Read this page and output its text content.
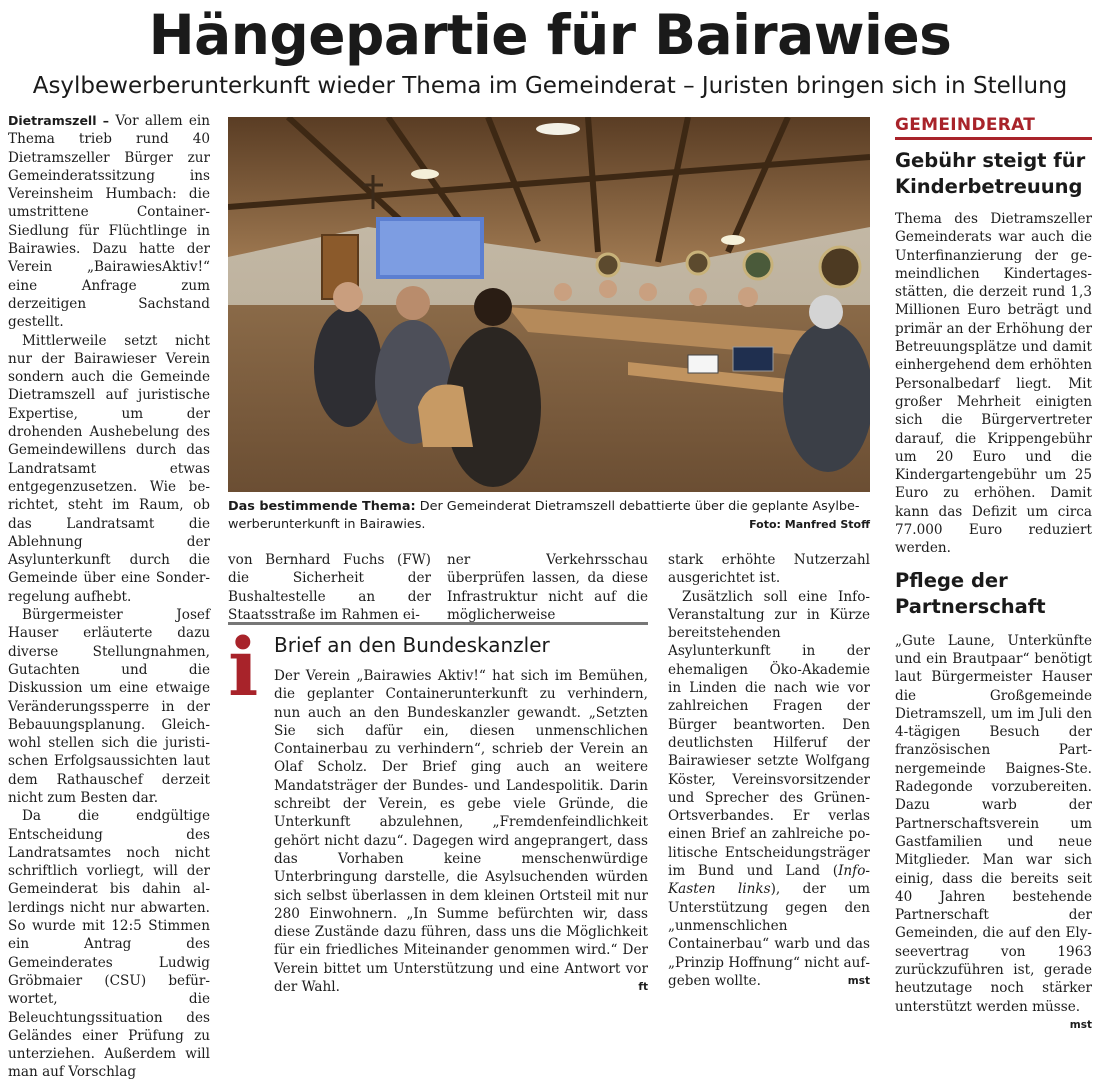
Hängepartie für Bairawies
Asylbewerberunterkunft wieder Thema im Gemeinderat – Juristen bringen sich in Stellung

Dietramszell – Vor allem ein Thema trieb rund 40 Dietramszeller Bürger zur Gemeinderatssitzung ins Vereinsheim Humbach: die umstrittene Container-Siedlung für Flüchtlinge in Bairawies. Dazu hatte der Verein „BairawiesAktiv!“ eine Anfrage zum derzeitigen Sachstand gestellt.

Mittlerweile setzt nicht nur der Bairawieser Verein sondern auch die Gemeinde Dietramszell auf juristische Expertise, um der drohenden Aushebelung des Gemeindewillens durch das Landratsamt etwas entgegenzusetzen. Wie berichtet, steht im Raum, ob das Landratsamt die Ablehnung der Asylunterkunft durch die Gemeinde über eine Sonderregelung aufhebt.

Bürgermeister Josef Hauser erläuterte dazu diverse Stellungnahmen, Gutachten und die Diskussion um eine etwaige Veränderungssperre in der Bebauungsplanung. Gleichwohl stellen sich die juristischen Erfolgsaussichten laut dem Rathauschef derzeit nicht zum Besten dar.

Da die endgültige Entscheidung des Landratsamtes noch nicht schriftlich vorliegt, will der Gemeinderat bis dahin allerdings nicht nur abwarten. So wurde mit 12:5 Stimmen ein Antrag des Gemeinderates Ludwig Gröbmaier (CSU) befürwortet, die Beleuchtungssituation des Geländes einer Prüfung zu unterziehen. Außerdem will man auf Vorschlag

Das bestimmende Thema: Der Gemeinderat Dietramszell debattierte über die geplante Asylbewerberunterkunft in Bairawies.	Foto: Manfred Stoff

von Bernhard Fuchs (FW) die Sicherheit der Bushaltestelle an der Staatsstraße im Rahmen ei-

ner Verkehrsschau überprüfen lassen, da diese Infrastruktur nicht auf die möglicherweise

i Brief an den Bundeskanzler
Der Verein „Bairawies Aktiv!“ hat sich im Bemühen, die geplanter Containerunterkunft zu verhindern, nun auch an den Bundeskanzler gewandt. „Setzten Sie sich dafür ein, diesen unmenschlichen Containerbau zu verhindern“, schrieb der Verein an Olaf Scholz. Der Brief ging auch an weitere Mandatsträger der Bundes- und Landespolitik. Darin schreibt der Verein, es gebe viele Gründe, die Unterkunft abzulehnen, „Fremdenfeindlichkeit gehört nicht dazu“. Dagegen wird angeprangert, dass das Vorhaben keine menschenwürdige Unterbringung darstelle, die Asylsuchenden würden sich selbst überlassen in dem kleinen Ortsteil mit nur 280 Einwohnern. „In Summe befürchten wir, dass diese Zustände dazu führen, dass uns die Möglichkeit für ein friedliches Miteinander genommen wird.“ Der Verein bittet um Unterstützung und eine Antwort vor der Wahl.	ft

stark erhöhte Nutzerzahl ausgerichtet ist.

Zusätzlich soll eine Info-Veranstaltung zur in Kürze bereitstehenden Asylunterkunft in der ehemaligen Öko-Akademie in Linden die nach wie vor zahlreichen Fragen der Bürger beantworten. Den deutlichsten Hilferuf der Bairawieser setzte Wolfgang Köster, Vereinsvorsitzender und Sprecher des Grünen-Ortsverbandes. Er verlas einen Brief an zahlreiche politische Entscheidungsträger im Bund und Land (Info-Kasten links), der um Unterstützung gegen den „unmenschlichen Containerbau“ warb und das „Prinzip Hoffnung“ nicht aufgeben wollte.	mst

GEMEINDERAT
Gebühr steigt für Kinderbetreuung
Thema des Dietramszeller Gemeinderats war auch die Unterfinanzierung der gemeindlichen Kindertagesstätten, die derzeit rund 1,3 Millionen Euro beträgt und primär an der Erhöhung der Betreuungsplätze und damit einhergehend dem erhöhten Personalbedarf liegt. Mit großer Mehrheit einigten sich die Bürgervertreter darauf, die Krippengebühr um 20 Euro und die Kindergartengebühr um 25 Euro zu erhöhen. Damit kann das Defizit um circa 77.000 Euro reduziert werden.
Pflege der Partnerschaft
„Gute Laune, Unterkünfte und ein Brautpaar“ benötigt laut Bürgermeister Hauser die Großgemeinde Dietramszell, um im Juli den 4-tägigen Besuch der französischen Partnergemeinde Baignes-Ste. Radegonde vorzubereiten. Dazu warb der Partnerschaftsverein um Gastfamilien und neue Mitglieder. Man war sich einig, dass die bereits seit 40 Jahren bestehende Partnerschaft der Gemeinden, die auf den Elyseevertrag von 1963 zurückzuführen ist, gerade heutzutage noch stärker unterstützt werden müsse.
mst
